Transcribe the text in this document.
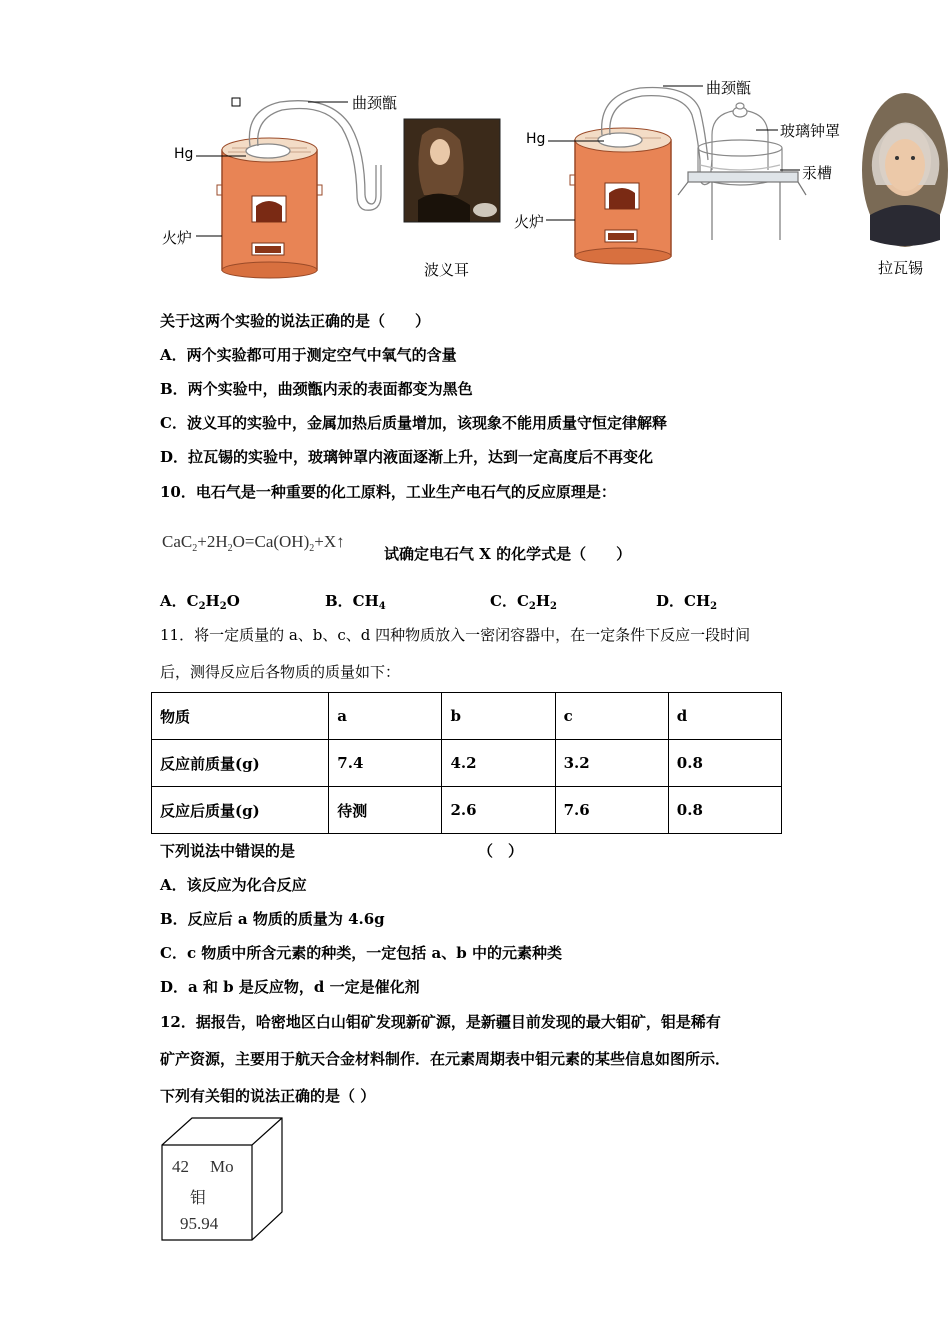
曲颈甑
Hg
火炉
波义耳
曲颈甑
Hg	玻璃钟罩
汞槽
火炉
拉瓦锡
关于这两个实验的说法正确的是（　　）
A．两个实验都可用于测定空气中氧气的含量
B．两个实验中，曲颈甑内汞的表面都变为黑色
C．波义耳的实验中，金属加热后质量增加，该现象不能用质量守恒定律解释
D．拉瓦锡的实验中，玻璃钟罩内液面逐渐上升，达到一定高度后不再变化
10．电石气是一种重要的化工原料，工业生产电石气的反应原理是：
$CaC_2+2H_2O=Ca(OH)_2+X↑$
试确定电石气 X 的化学式是（　　）
A．$C_2H_2O$	B．$CH_4$	C．$C_2H_2$	D．$CH_2$
11．将一定质量的 a、b、c、d 四种物质放入一密闭容器中，在一定条件下反应一段时间
后，测得反应后各物质的质量如下：
物质	a	b	c	d
反应前质量(g)	7.4	4.2	3.2	0.8
反应后质量(g)	待测	2.6	7.6	0.8
下列说法中错误的是	（　）
A．该反应为化合反应
B．反应后 a 物质的质量为 4.6g
C．c 物质中所含元素的种类，一定包括 a、b 中的元素种类
D．a 和 b 是反应物，d 一定是催化剂
12．据报告，哈密地区白山钼矿发现新矿源，是新疆目前发现的最大钼矿，钼是稀有
矿产资源，主要用于航天合金材料制作．在元素周期表中钼元素的某些信息如图所示．
下列有关钼的说法正确的是（ ）
42 Mo
钼
95.94
